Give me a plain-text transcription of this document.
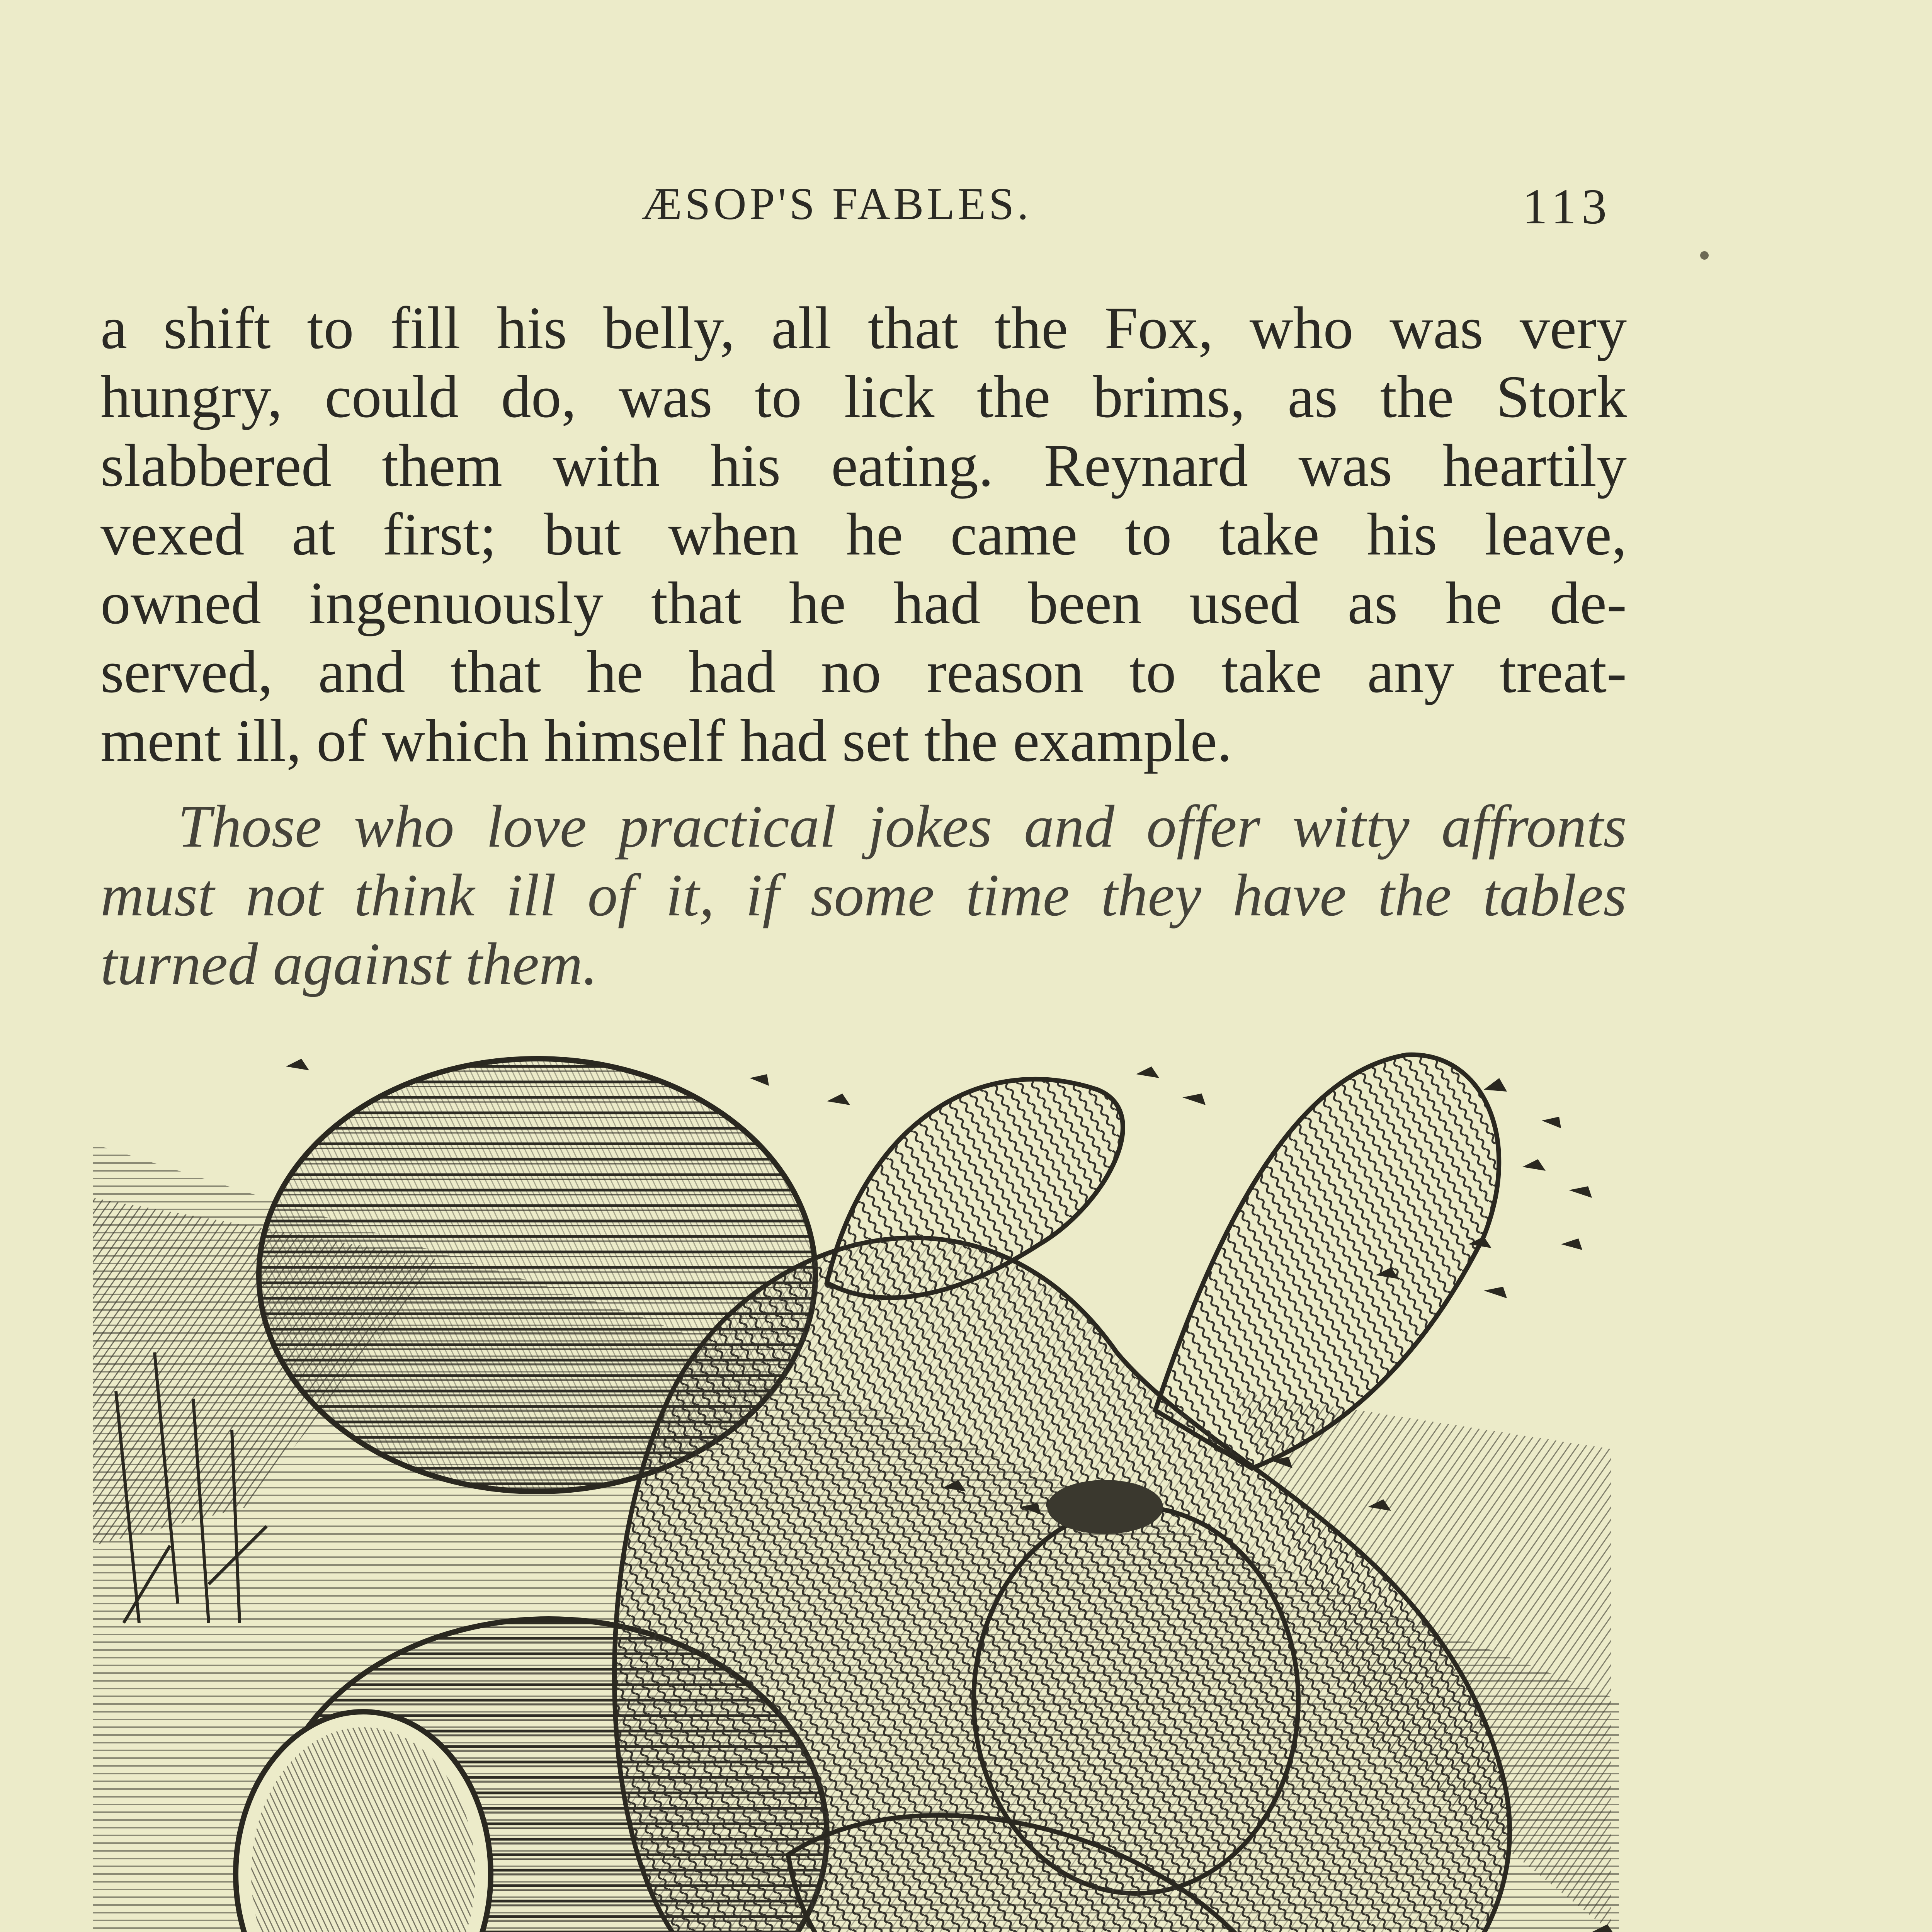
ÆSOP'S FABLES.	113

a shift to fill his belly, all that the Fox, who was very
hungry, could do, was to lick the brims, as the Stork
slabbered them with his eating. Reynard was heartily
vexed at first; but when he came to take his leave,
owned ingenuously that he had been used as he de-
served, and that he had no reason to take any treat-
ment ill, of which himself had set the example.

Those who love practical jokes and offer witty affronts
must not think ill of it, if some time they have the tables
turned against them.
